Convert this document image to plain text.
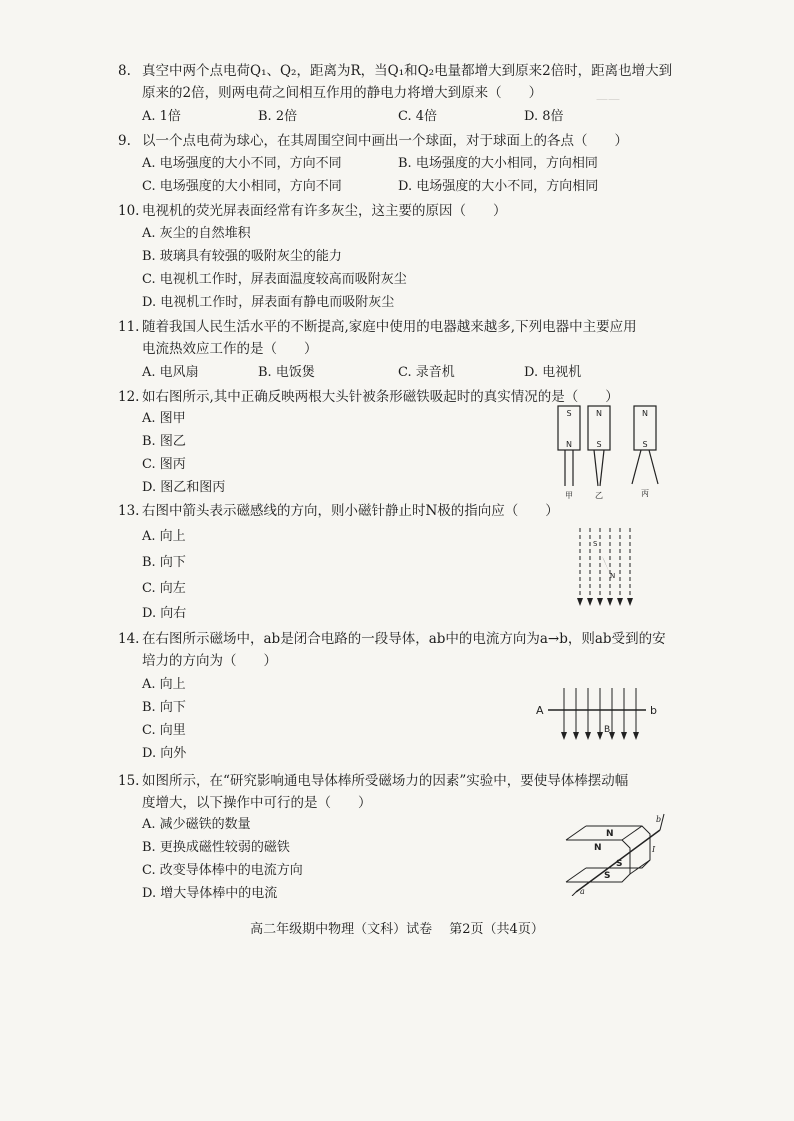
——
8. 真空中两个点电荷Q₁、Q₂，距离为R，当Q₁和Q₂电量都增大到原来2倍时，距离也增大到
原来的2倍，则两电荷之间相互作用的静电力将增大到原来（　　）
A. 1倍	B. 2倍	C. 4倍	D. 8倍
9. 以一个点电荷为球心，在其周围空间中画出一个球面，对于球面上的各点（　　）
A. 电场强度的大小不同，方向不同	B. 电场强度的大小相同，方向相同
C. 电场强度的大小相同，方向不同	D. 电场强度的大小不同，方向相同
10. 电视机的荧光屏表面经常有许多灰尘，这主要的原因（　　）
A. 灰尘的自然堆积
B. 玻璃具有较强的吸附灰尘的能力
C. 电视机工作时，屏表面温度较高而吸附灰尘
D. 电视机工作时，屏表面有静电而吸附灰尘
11. 随着我国人民生活水平的不断提高,家庭中使用的电器越来越多,下列电器中主要应用
电流热效应工作的是（　　）
A. 电风扇	B. 电饭煲	C. 录音机	D. 电视机
12. 如右图所示,其中正确反映两根大头针被条形磁铁吸起时的真实情况的是（　　）
A. 图甲
B. 图乙
C. 图丙
D. 图乙和图丙
S
N
N
S
N
S
甲	乙	丙
13. 右图中箭头表示磁感线的方向，则小磁针静止时N极的指向应（　　）
A. 向上
B. 向下
C. 向左
D. 向右
S
N
14. 在右图所示磁场中，ab是闭合电路的一段导体，ab中的电流方向为a→b，则ab受到的安
培力的方向为（　　）
A. 向上
B. 向下
C. 向里
D. 向外
A	b
B
15. 如图所示，在“研究影响通电导体棒所受磁场力的因素”实验中，要使导体棒摆动幅
度增大，以下操作中可行的是（　　）
A. 减少磁铁的数量
B. 更换成磁性较弱的磁铁
C. 改变导体棒中的电流方向
D. 增大导体棒中的电流
N
N
S
S
b
a
I
高二年级期中物理（文科）试卷　 第2页（共4页）
